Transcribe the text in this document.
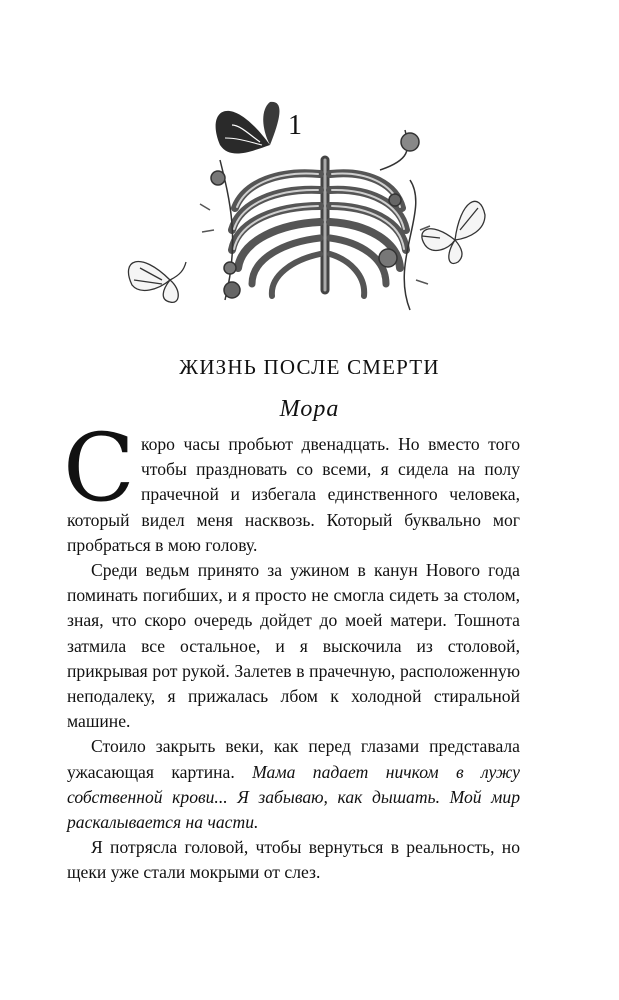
1
ЖИЗНЬ ПОСЛЕ СМЕРТИ
Мора

Скоро часы пробьют двенадцать. Но вместо того чтобы праздновать со всеми, я сидела на полу прачечной и избегала единственного человека, который видел меня насквозь. Который буквально мог пробраться в мою голову.

Среди ведьм принято за ужином в канун Нового года поминать погибших, и я просто не смогла сидеть за столом, зная, что скоро очередь дойдет до моей матери. Тошнота затмила все остальное, и я выскочила из столовой, прикрывая рот рукой. Залетев в прачечную, расположенную неподалеку, я прижалась лбом к холодной стиральной машине.

Стоило закрыть веки, как перед глазами представала ужасающая картина. Мама падает ничком в лужу собственной крови... Я забываю, как дышать. Мой мир раскалывается на части.

Я потрясла головой, чтобы вернуться в реальность, но щеки уже стали мокрыми от слез.
